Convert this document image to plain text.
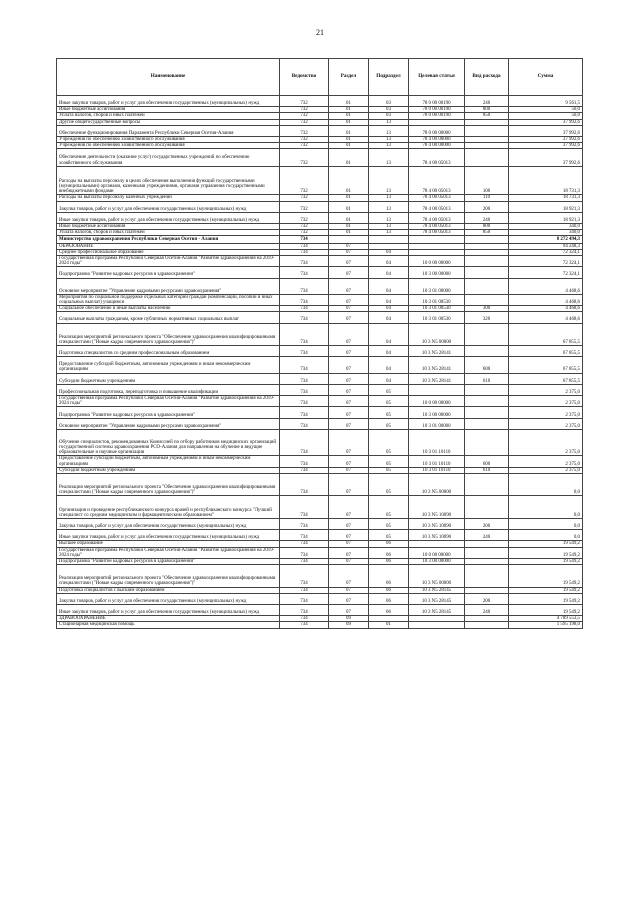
21
Наименование	Ведомство	Раздел	Подраздел	Целевая статья	Вид расхода	Сумма
Иные закупки товаров, работ и услуг для обеспечения государственных (муниципальных) нужд	732	01	03	78 0 00 00190	240	9 561,5
Иные бюджетные ассигнования	732	01	03	78 0 00 00190	800	50,0
Уплата налогов, сборов и иных платежей	732	01	03	78 0 00 00190	850	50,0
Другие общегосударственные вопросы	732	01	13			37 992,6
Обеспечение функционирования Парламента Республики Северная Осетия-Алания	732	01	13	78 0 00 00000		37 992,6
Учреждения по обеспечению хозяйственного обслуживания	732	01	13	78 4 00 00000		37 992,6
Учреждения по обеспечению хозяйственного обслуживания	732	01	13	78 4 00 00000		37 992,6
Обеспечение деятельности (оказание услуг) государственных учреждений по обеспечению хозяйственного обслуживания	732	01	13	78 4 00 05013		37 992,6
Расходы на выплаты персоналу в целях обеспечения выполнения функций государственными (муниципальными) органами, казенными учреждениями, органами управления государственными внебюджетными фондами	732	01	13	78 4 00 05013	100	18 731,3
Расходы на выплаты персоналу казенных учреждений	732	01	13	78 4 00 05013	110	18 731,3
Закупка товаров, работ и услуг для обеспечения государственных (муниципальных) нужд	732	01	13	78 4 00 05013	200	18 921,3
Иные закупки товаров, работ и услуг для обеспечения государственных (муниципальных) нужд	732	01	13	78 4 00 05013	240	18 921,3
Иные бюджетные ассигнования	732	01	13	78 4 00 05013	800	340,0
Уплата налогов, сборов и иных платежей	732	01	13	78 4 00 05013	850	340,0
Министерство здравоохранения Республики Северная Осетия - Алания	734					8 272 494,3
ОБРАЗОВАНИЕ	734	07				94 248,3
Среднее профессиональное образование	734	07	04			72 324,1
Государственная программа Республики Северная Осетия-Алания "Развитие здравоохранения на 2019-2024 годы"	734	07	04	10 0 00 00000		72 324,1
Подпрограмма "Развитие кадровых ресурсов в здравоохранении"	734	07	04	10 3 00 00000		72 324,1
Основное мероприятие "Управление кадровыми ресурсами здравоохранения"	734	07	04	10 3 01 00000		4 468,6
Мероприятия по социальной поддержке отдельных категорий граждан (компенсаций, пособий и иных социальных выплат) учащимся	734	07	04	10 3 01 00530		4 468,6
Социальное обеспечение и иные выплаты населению	734	07	04	10 3 01 00530	300	4 468,6
Социальные выплаты гражданам, кроме публичных нормативных социальных выплат	734	07	04	10 3 01 00530	320	4 468,6
Реализация мероприятий регионального проекта "Обеспечение здравоохранения квалифицированными специалистами ("Новые кадры современного здравоохранения")"	734	07	04	10 3 N5 00000		67 855,5
Подготовка специалистов со средним профессиональным образованием	734	07	04	10 3 N5 28141		67 855,5
Предоставление субсидий бюджетным, автономным учреждениям и иным некоммерческим организациям	734	07	04	10 3 N5 28141	600	67 855,5
Субсидии бюджетным учреждениям	734	07	04	10 3 N5 28141	610	67 855,5
Профессиональная подготовка, переподготовка и повышение квалификации	734	07	05			2 375,0
Государственная программа Республики Северная Осетия-Алания "Развитие здравоохранения на 2019-2024 годы"	734	07	05	10 0 00 00000		2 375,0
Подпрограмма "Развитие кадровых ресурсов в здравоохранении"	734	07	05	10 3 00 00000		2 375,0
Основное мероприятие "Управление кадровыми ресурсами здравоохранения"	734	07	05	10 3 01 00000		2 375,0
Обучение специалистов, рекомендованных Комиссией по отбору работников медицинских организаций государственной системы здравоохранения РСО-Алания для направления на обучение в ведущие образовательные и научные организации	734	07	05	10 3 01 10110		2 375,0
Предоставление субсидий бюджетным, автономным учреждениям и иным некоммерческим организациям	734	07	05	10 3 01 10110	600	2 375,0
Субсидии бюджетным учреждениям	734	07	05	10 3 01 10110	610	2 375,0
Реализация мероприятий регионального проекта "Обеспечение здравоохранения квалифицированными специалистами ("Новые кадры современного здравоохранения")"	734	07	05	10 3 N5 00000		0,0
Организация и проведение республиканского конкурса врачей и республиканского конкурса "Лучший специалист со средним медицинским и фармацевтическим образованием"	734	07	05	10 3 N5 10090		0,0
Закупка товаров, работ и услуг для обеспечения государственных (муниципальных) нужд	734	07	05	10 3 N5 10090	200	0,0
Иные закупки товаров, работ и услуг для обеспечения государственных (муниципальных) нужд	734	07	05	10 3 N5 10090	240	0,0
Высшее образование	734	07	06			19 549,2
Государственная программа Республики Северная Осетия-Алания "Развитие здравоохранения на 2019-2024 годы"	734	07	06	10 0 00 00000		19 549,2
Подпрограмма "Развитие кадровых ресурсов в здравоохранении"	734	07	06	10 3 00 00000		19 549,2
Реализация мероприятий регионального проекта "Обеспечение здравоохранения квалифицированными специалистами ("Новые кадры современного здравоохранения")"	734	07	06	10 3 N5 00000		19 549,2
Подготовка специалистов с высшим образованием	734	07	06	10 3 N5 28145		19 549,2
Закупка товаров, работ и услуг для обеспечения государственных (муниципальных) нужд	734	07	06	10 3 N5 28145	200	19 549,2
Иные закупки товаров, работ и услуг для обеспечения государственных (муниципальных) нужд	734	07	06	10 3 N5 28145	240	19 549,2
ЗДРАВООХРАНЕНИЕ	734	09				4 789 553,5
Стационарная медицинская помощь	734	09	01			1 595 198,0
